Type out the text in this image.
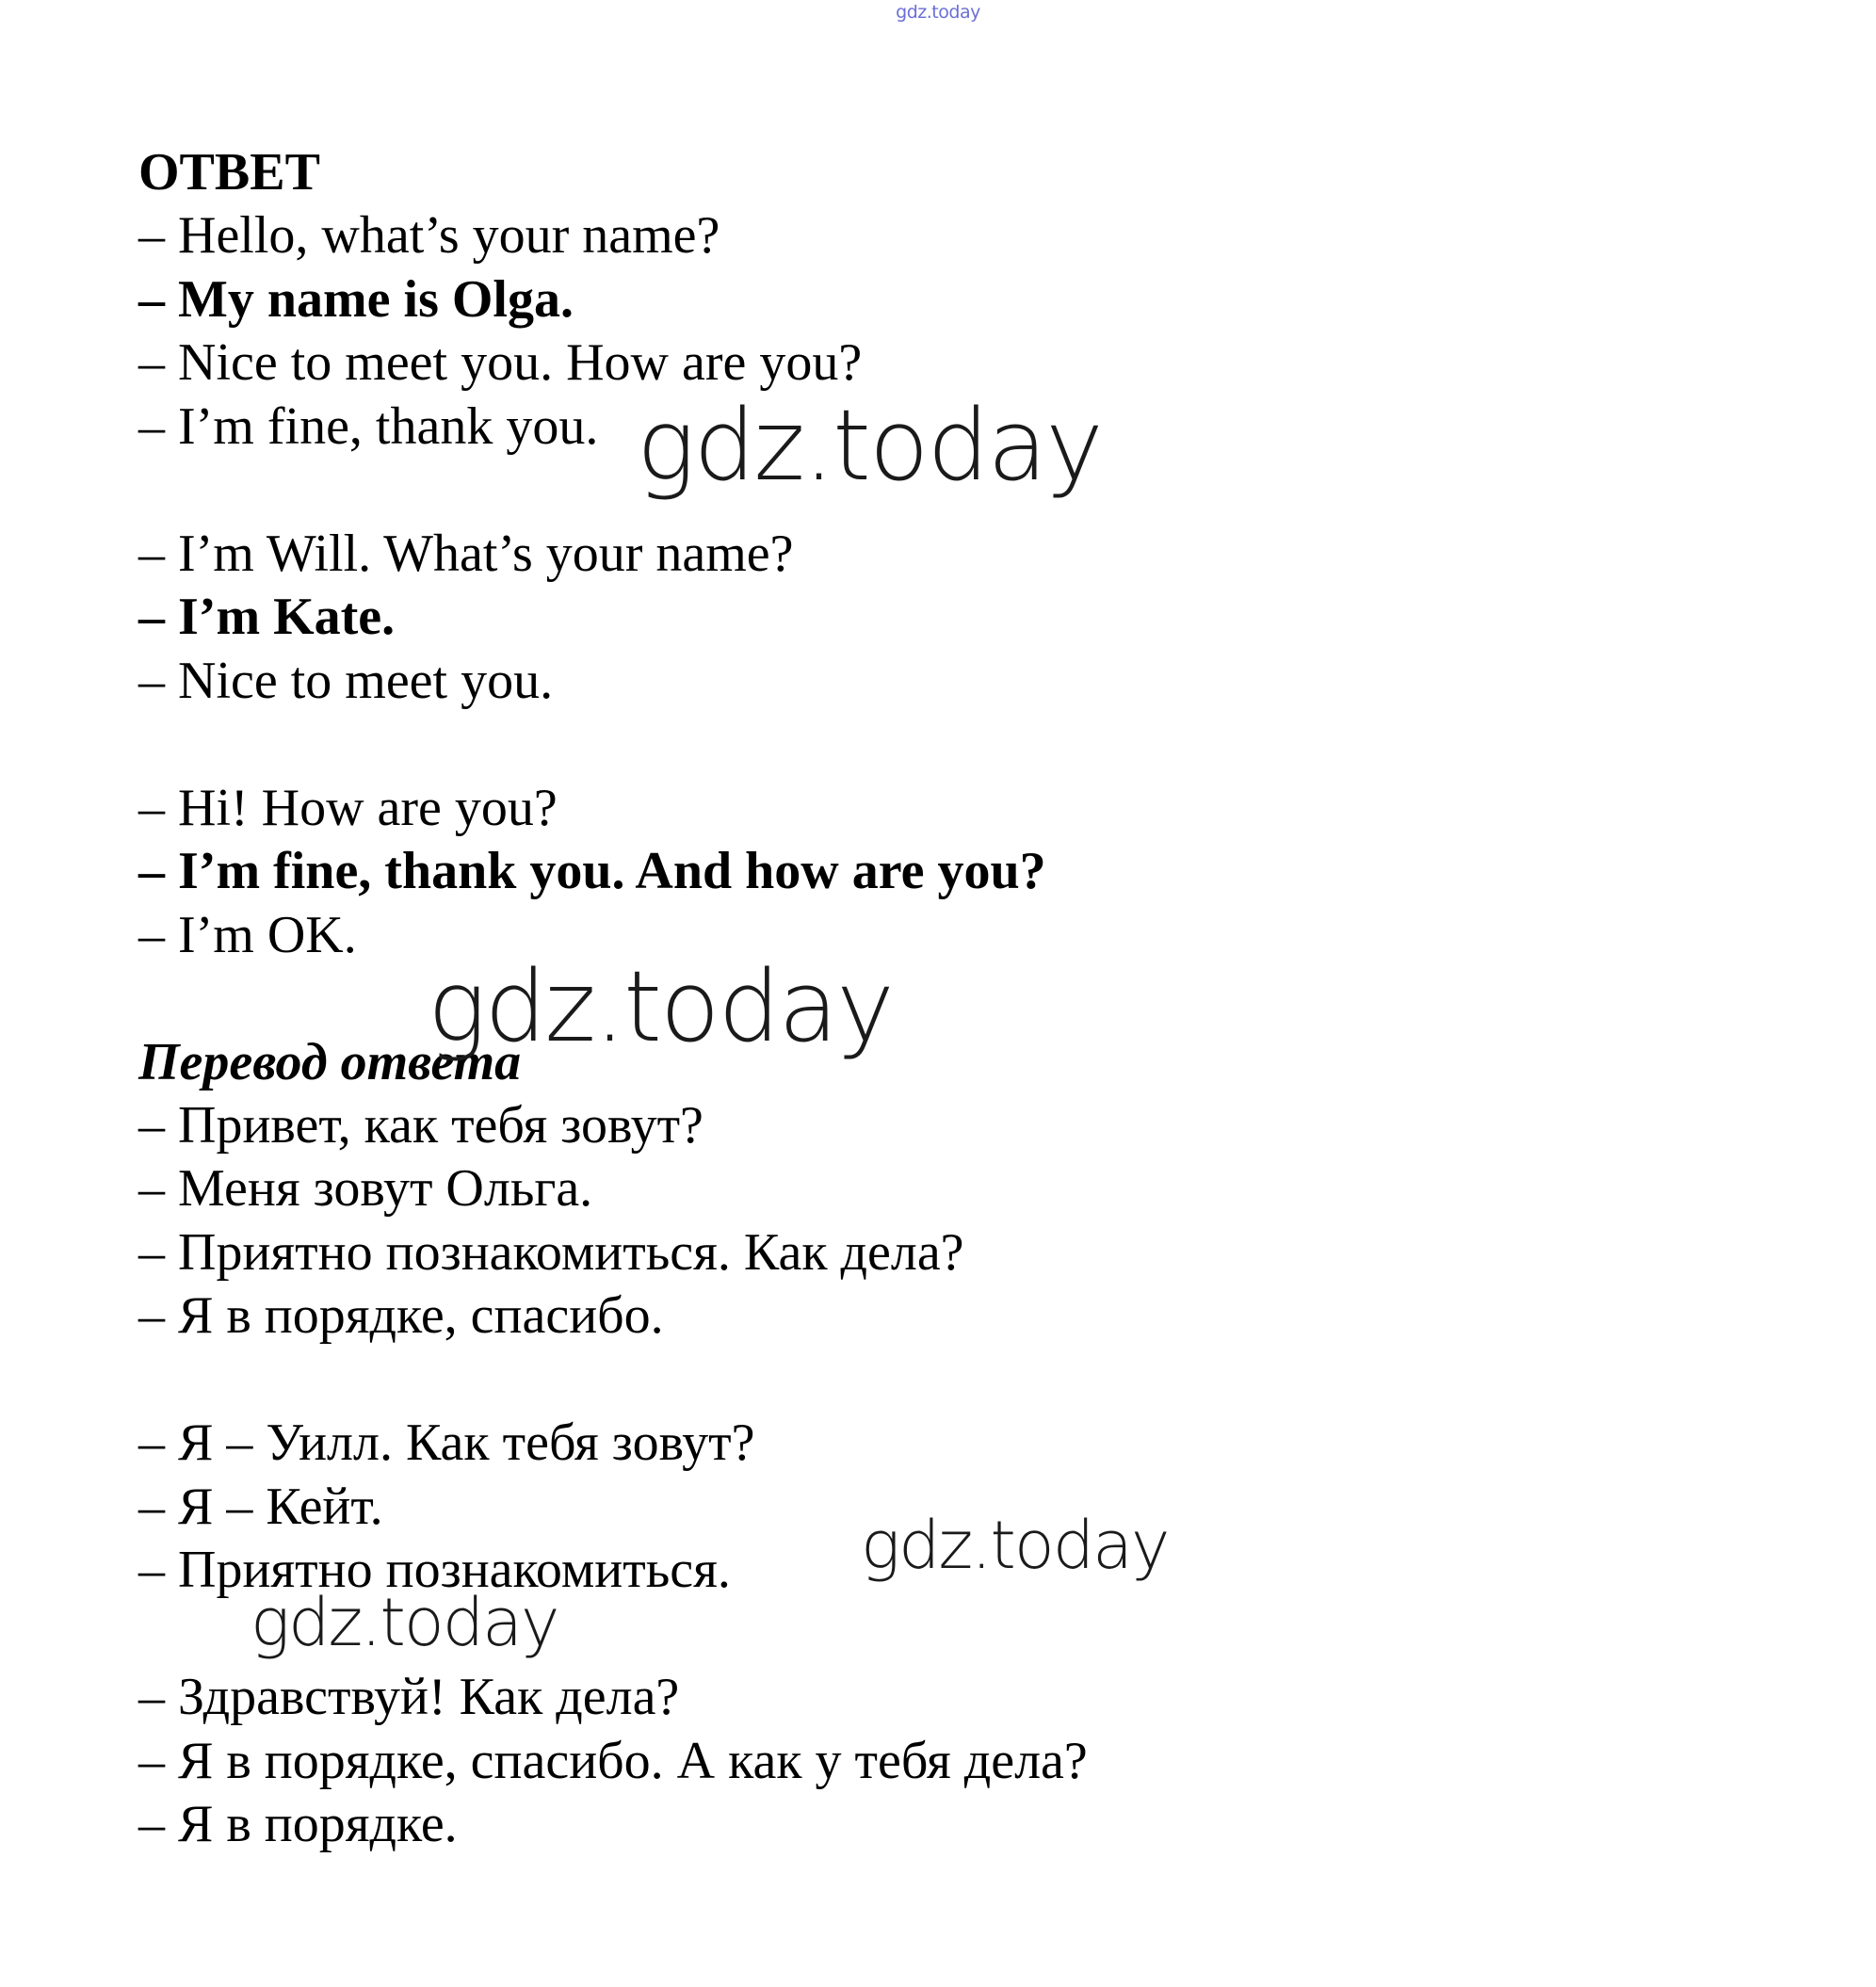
gdz.today
ОТВЕТ
– Hello, what’s your name?
– My name is Olga.
– Nice to meet you. How are you?
– I’m fine, thank you.
– I’m Will. What’s your name?
– I’m Kate.
– Nice to meet you.
– Hi! How are you?
– I’m fine, thank you. And how are you?
– I’m OK.
Перевод ответа
– Привет, как тебя зовут?
– Меня зовут Ольга.
– Приятно познакомиться. Как дела?
– Я в порядке, спасибо.
– Я – Уилл. Как тебя зовут?
– Я – Кейт.
– Приятно познакомиться.
– Здравствуй! Как дела?
– Я в порядке, спасибо. А как у тебя дела?
– Я в порядке.
gdz.today
gdz.today
gdz.today
gdz.today
